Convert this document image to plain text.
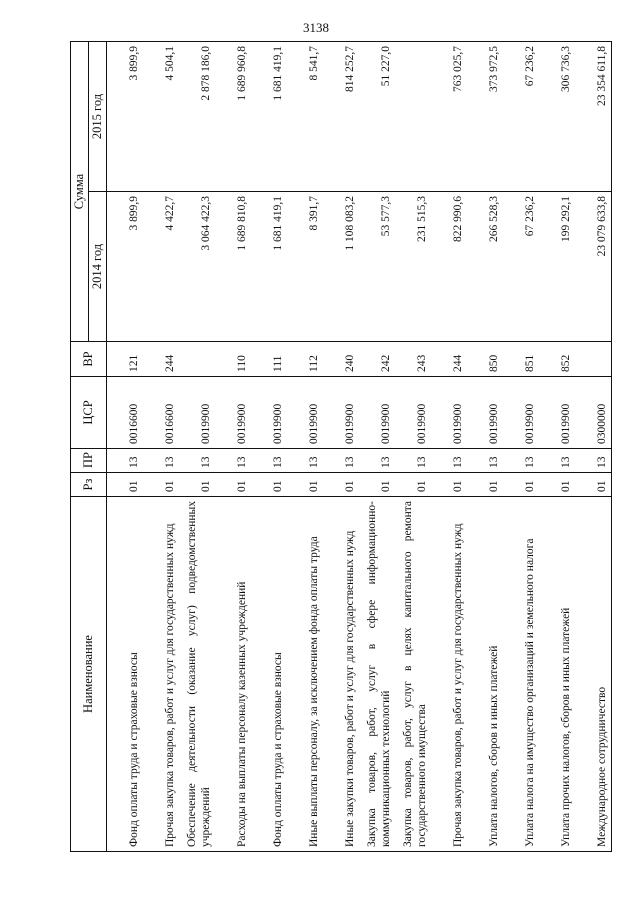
3138
Наименование	Рз	ПР	ЦСР	ВР	Сумма	
					2014 год	2015 год
Фонд оплаты труда и страховые взносы	01	13	0016600	121	3 899,9	3 899,9
Прочая закупка товаров, работ и услуг для государственных нужд	01	13	0016600	244	4 422,7	4 504,1
Обеспечение деятельности (оказание услуг) подведомственных учреждений	01	13	0019900		3 064 422,3	2 878 186,0
Расходы на выплаты персоналу казенных учреждений	01	13	0019900	110	1 689 810,8	1 689 960,8
Фонд оплаты труда и страховые взносы	01	13	0019900	111	1 681 419,1	1 681 419,1
Иные выплаты персоналу, за исключением фонда оплаты труда	01	13	0019900	112	8 391,7	8 541,7
Иные закупки товаров, работ и услуг для государственных нужд	01	13	0019900	240	1 108 083,2	814 252,7
Закупка товаров, работ, услуг в сфере информационно-коммуникационных технологий	01	13	0019900	242	53 577,3	51 227,0
Закупка товаров, работ, услуг в целях капитального ремонта государственного имущества	01	13	0019900	243	231 515,3	
Прочая закупка товаров, работ и услуг для государственных нужд	01	13	0019900	244	822 990,6	763 025,7
Уплата налогов, сборов и иных платежей	01	13	0019900	850	266 528,3	373 972,5
Уплата налога на имущество организаций и земельного налога	01	13	0019900	851	67 236,2	67 236,2
Уплата прочих налогов, сборов и иных платежей	01	13	0019900	852	199 292,1	306 736,3
Международное сотрудничество	01	13	0300000		23 079 633,8	23 354 611,8
